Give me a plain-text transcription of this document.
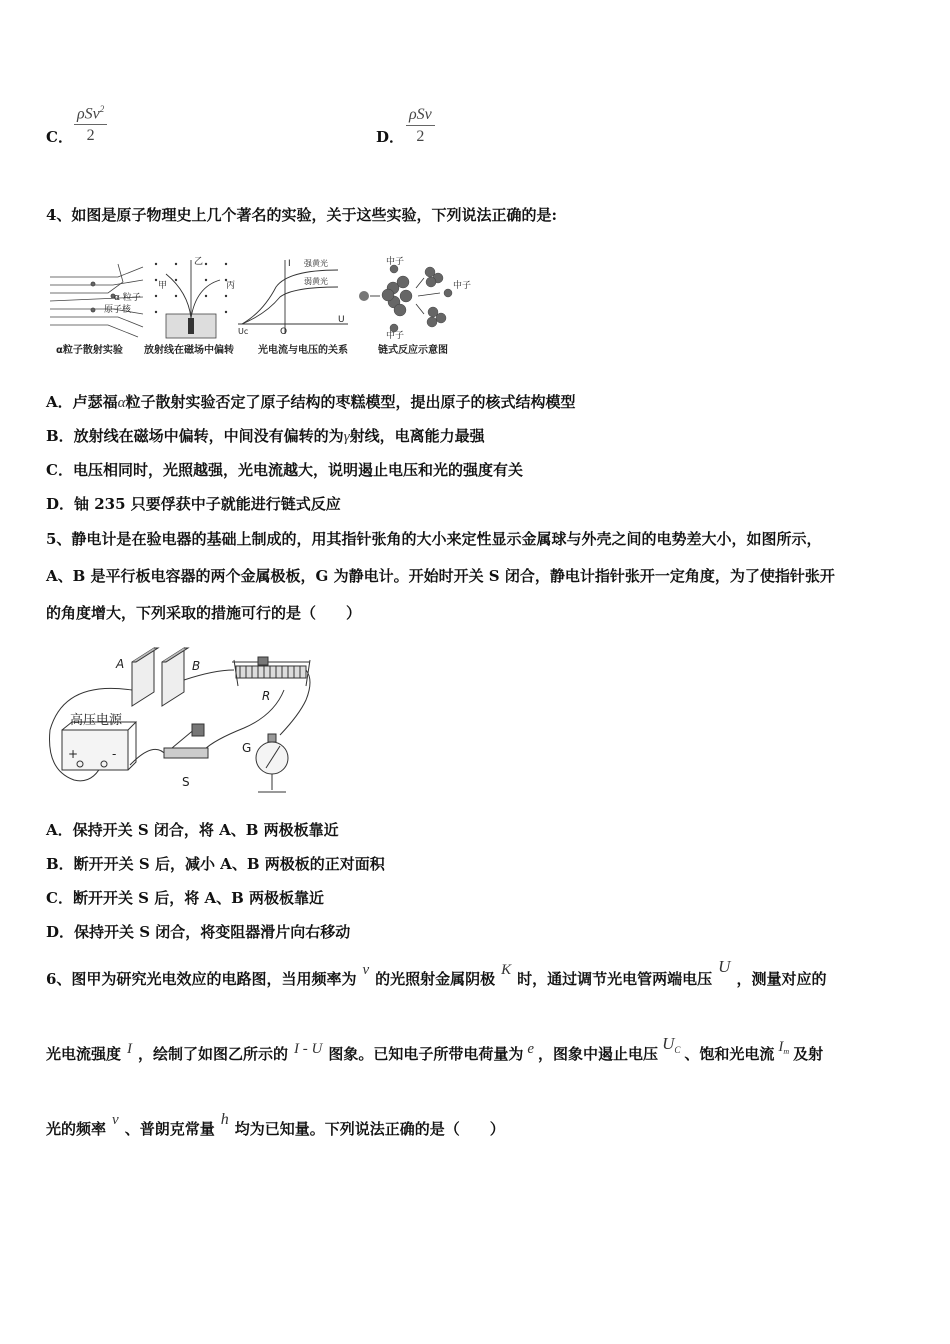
C．
ρSv$^2$
2	D．
ρSv
2
4、如图是原子物理史上几个著名的实验，关于这些实验，下列说法正确的是:
α 粒子
原子核
α粒子散射实验
甲
乙
丙
放射线在磁场中偏转
I
U
O
Uc
强黄光
弱黄光
光电流与电压的关系
中子
中子
中子
链式反应示意图
A．卢瑟福α粒子散射实验否定了原子结构的枣糕模型，提出原子的核式结构模型
B．放射线在磁场中偏转，中间没有偏转的为γ射线，电离能力最强
C．电压相同时，光照越强，光电流越大，说明遏止电压和光的强度有关
D．铀 235 只要俘获中子就能进行链式反应
5、静电计是在验电器的基础上制成的，用其指针张角的大小来定性显示金属球与外壳之间的电势差大小，如图所示，
A、B 是平行板电容器的两个金属极板，G 为静电计。开始时开关 S 闭合，静电计指针张开一定角度，为了使指针张开
的角度增大，下列采取的措施可行的是（　　）
A	B
R
G
S
高压电源
+	-
A．保持开关 S 闭合，将 A、B 两极板靠近
B．断开开关 S 后，减小 A、B 两极板的正对面积
C．断开开关 S 后，将 A、B 两极板靠近
D．保持开关 S 闭合，将变阻器滑片向右移动
6、图甲为研究光电效应的电路图，当用频率为 ν 的光照射金属阴极 K 时，通过调节光电管两端电压U，测量对应的
光电流强度 I ，绘制了如图乙所示的 I - U 图象。已知电子所带电荷量为 e ，图象中遏止电压$U^C$ 、饱和光电流 $I^m$ 及射
光的频率 ν 、普朗克常量h均为已知量。下列说法正确的是（　　）
